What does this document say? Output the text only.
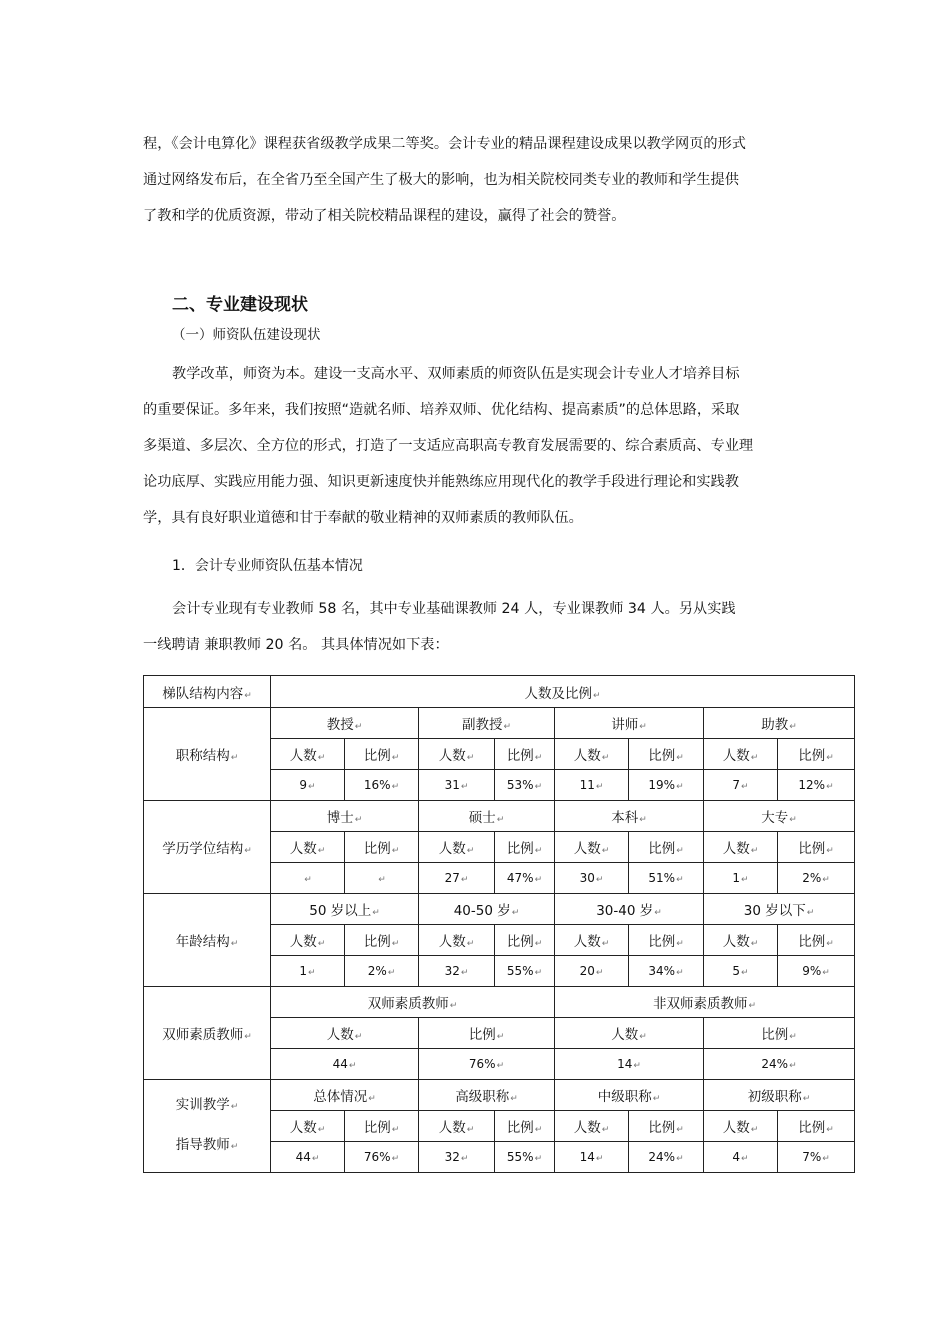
程，《会计电算化》课程获省级教学成果二等奖。会计专业的精品课程建设成果以教学网页的形式
通过网络发布后，在全省乃至全国产生了极大的影响，也为相关院校同类专业的教师和学生提供
了教和学的优质资源，带动了相关院校精品课程的建设，赢得了社会的赞誉。
二、专业建设现状
（一）师资队伍建设现状
教学改革，师资为本。建设一支高水平、双师素质的师资队伍是实现会计专业人才培养目标
的重要保证。多年来，我们按照“造就名师、培养双师、优化结构、提高素质”的总体思路，采取
多渠道、多层次、全方位的形式，打造了一支适应高职高专教育发展需要的、综合素质高、专业理
论功底厚、实践应用能力强、知识更新速度快并能熟练应用现代化的教学手段进行理论和实践教
学，具有良好职业道德和甘于奉献的敬业精神的双师素质的教师队伍。
1．会计专业师资队伍基本情况
会计专业现有专业教师 58 名，其中专业基础课教师 24 人，专业课教师 34 人。另从实践
一线聘请 兼职教师 20 名。 其具体情况如下表：
梯队结构内容↵	人数及比例↵							
职称结构↵	教授↵		副教授↵		讲师↵		助教↵	
	人数↵	比例↵	人数↵	比例↵	人数↵	比例↵	人数↵	比例↵
	9↵	16%↵	31↵	53%↵	11↵	19%↵	7↵	12%↵
学历学位结构↵	博士↵		硕士↵		本科↵		大专↵	
	人数↵	比例↵	人数↵	比例↵	人数↵	比例↵	人数↵	比例↵
	↵	↵	27↵	47%↵	30↵	51%↵	1↵	2%↵
年龄结构↵	50 岁以上↵		40-50 岁↵		30-40 岁↵		30 岁以下↵	
	人数↵	比例↵	人数↵	比例↵	人数↵	比例↵	人数↵	比例↵
	1↵	2%↵	32↵	55%↵	20↵	34%↵	5↵	9%↵
双师素质教师↵	双师素质教师↵				非双师素质教师↵			
	人数↵		比例↵		人数↵		比例↵	
	44↵		76%↵		14↵		24%↵	
实训教学↵
指导教师↵	总体情况↵		高级职称↵		中级职称↵		初级职称↵	
	人数↵	比例↵	人数↵	比例↵	人数↵	比例↵	人数↵	比例↵
	44↵	76%↵	32↵	55%↵	14↵	24%↵	4↵	7%↵
